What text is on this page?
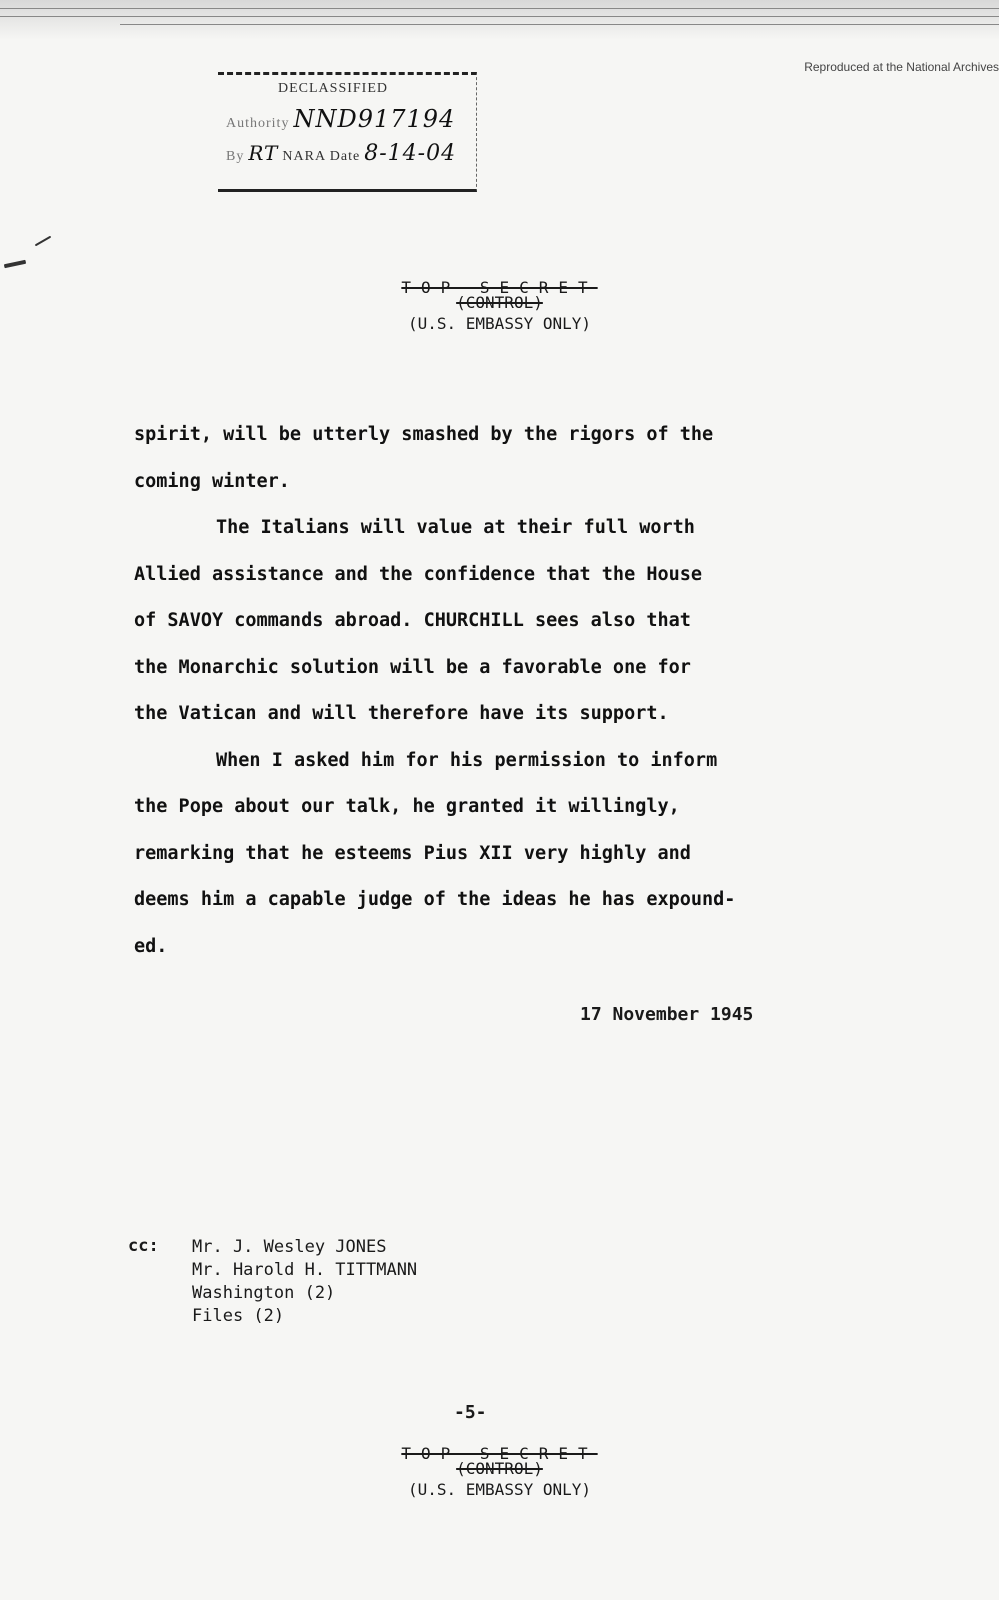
Reproduced at the National Archives
DECLASSIFIED
Authority NND917194
By RT NARA Date 8-14-04
TOP SECRET
(CONTROL)
(U.S. EMBASSY ONLY)

spirit, will be utterly smashed by the rigors of the
coming winter.

The Italians will value at their full worth
Allied assistance and the confidence that the House
of SAVOY commands abroad. CHURCHILL sees also that
the Monarchic solution will be a favorable one for
the Vatican and will therefore have its support.

When I asked him for his permission to inform
the Pope about our talk, he granted it willingly,
remarking that he esteems Pius XII very highly and
deems him a capable judge of the ideas he has expound-
ed.

17 November 1945
cc: Mr. J. Wesley JONES
Mr. Harold H. TITTMANN
Washington (2)
Files (2)
-5-
TOP SECRET
(CONTROL)
(U.S. EMBASSY ONLY)
